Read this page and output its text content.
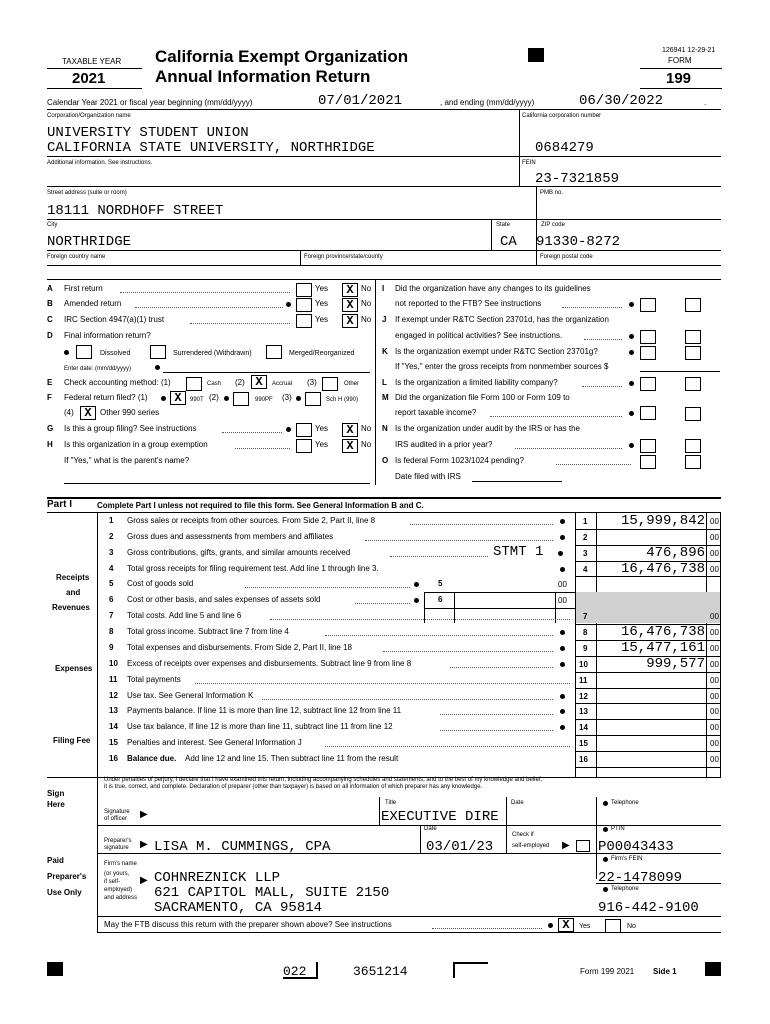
TAXABLE YEAR
2021
California Exempt Organization
Annual Information Return
126941 12-29-21
FORM
199
Calendar Year 2021 or fiscal year beginning (mm/dd/yyyy)	07/01/2021	, and ending (mm/dd/yyyy)	06/30/2022	.
Corporation/Organization name	California corporation number
UNIVERSITY STUDENT UNION
CALIFORNIA STATE UNIVERSITY, NORTHRIDGE	0684279
Additional information. See instructions.	FEIN
23-7321859
Street address (suite or room)	PMB no.
18111 NORDHOFF STREET
City	State	ZIP code
NORTHRIDGE	CA 91330-8272
Foreign country name	Foreign province/state/county	Foreign postal code
A First return	Yes	X No
B Amended return	Yes	X No
C IRC Section 4947(a)(1) trust	Yes	X No
D Final information return?
Dissolved	Surrendered (Withdrawn)	Merged/Reorganized
Enter date: (mm/dd/yyyy)
E Check accounting method: (1)	Cash (2) X	Accrual (3)	Other
F Federal return filed? (1)	X	990T (2)	990PF (3)	Sch H (990)
(4) X	Other 990 series
G Is this a group filing? See instructions	Yes	X No
H Is this organization in a group exemption	Yes	X No
If "Yes," what is the parent's name?
I Did the organization have any changes to its guidelines
not reported to the FTB? See instructions
J If exempt under R&TC Section 23701d, has the organization
engaged in political activities? See instructions.
K Is the organization exempt under R&TC Section 23701g?
If "Yes," enter the gross receipts from nonmember sources $
L Is the organization a limited liability company?
M Did the organization file Form 100 or Form 109 to
report taxable income?
N Is the organization under audit by the IRS or has the
IRS audited in a prior year?
O Is federal Form 1023/1024 pending?
Date filed with IRS
Part I	Complete Part I unless not required to file this form. See General Information B and C.
Receipts
and
Revenues
Expenses
Filing Fee
1 Gross sales or receipts from other sources. From Side 2, Part II, line 8	1	15,999,842 00
2 Gross dues and assessments from members and affiliates	2	00
3 Gross contributions, gifts, grants, and similar amounts received	3	476,896 00
4 Total gross receipts for filing requirement test. Add line 1 through line 3.	4	16,476,738 00
5 Cost of goods sold	5	00
6 Cost or other basis, and sales expenses of assets sold	6	00
7 Total costs. Add line 5 and line 6	7	00
8 Total gross income. Subtract line 7 from line 4	8	16,476,738 00
9 Total expenses and disbursements. From Side 2, Part II, line 18	9	15,477,161 00
10 Excess of receipts over expenses and disbursements. Subtract line 9 from line 8	10	999,577 00
11 Total payments	11	00
12 Use tax. See General Information K	12	00
13 Payments balance. If line 11 is more than line 12, subtract line 12 from line 11	13	00
14 Use tax balance. If line 12 is more than line 11, subtract line 11 from line 12	14	00
15 Penalties and interest. See General Information J	15	00
16 Balance due. Add line 12 and line 15. Then subtract line 11 from the result	16	00
STMT 1
Under penalties of perjury, I declare that I have examined this return, including accompanying schedules and statements, and to the best of my knowledge and belief,
it is true, correct, and complete. Declaration of preparer (other than taxpayer) is based on all information of which preparer has any knowledge.
Sign
Here
Signature
of officer ▶
Title
EXECUTIVE DIRE
Date	Telephone
Paid
Preparer's
Use Only
Preparer's
signature ▶ LISA M. CUMMINGS, CPA
Date
03/01/23
Check if
self-employed ▶
PTIN
P00043433
Firm's name
(or yours,
if self-
employed)
and address
▶ COHNREZNICK LLP
621 CAPITOL MALL, SUITE 2150
SACRAMENTO, CA 95814
Firm's FEIN
22-1478099
Telephone
916-442-9100
May the FTB discuss this return with the preparer shown above? See instructions	X	Yes	No
022	3651214	Form 199 2021 Side 1
